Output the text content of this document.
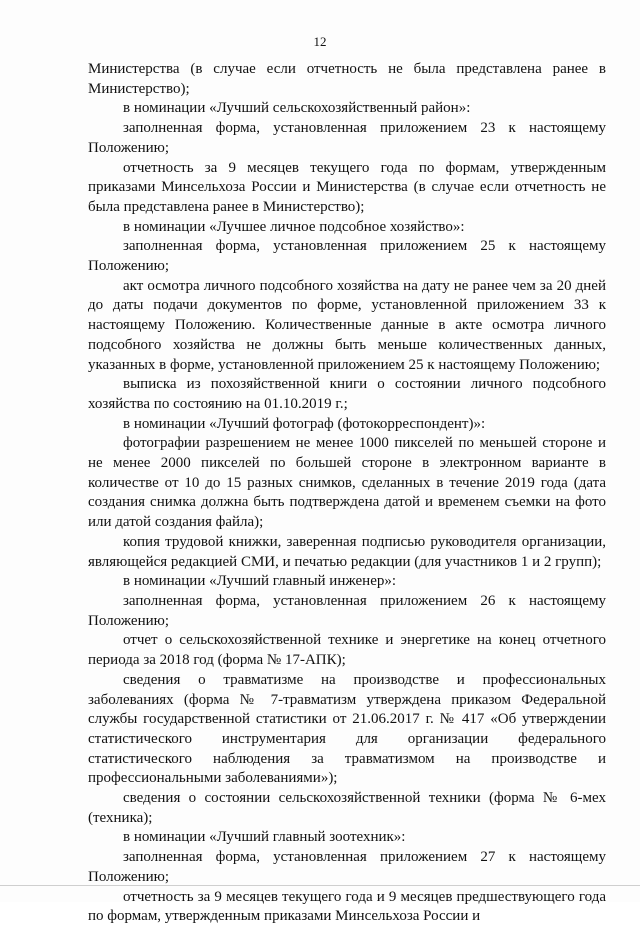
12

Министерства (в случае если отчетность не была представлена ранее в Министерство);

в номинации «Лучший сельскохозяйственный район»:

заполненная форма, установленная приложением 23 к настоящему Положению;

отчетность за 9 месяцев текущего года по формам, утвержденным приказами Минсельхоза России и Министерства (в случае если отчетность не была представлена ранее в Министерство);

в номинации «Лучшее личное подсобное хозяйство»:

заполненная форма, установленная приложением 25 к настоящему Положению;

акт осмотра личного подсобного хозяйства на дату не ранее чем за 20 дней до даты подачи документов по форме, установленной приложением 33 к настоящему Положению. Количественные данные в акте осмотра личного подсобного хозяйства не должны быть меньше количественных данных, указанных в форме, установленной приложением 25 к настоящему Положению;

выписка из похозяйственной книги о состоянии личного подсобного хозяйства по состоянию на 01.10.2019 г.;

в номинации «Лучший фотограф (фотокорреспондент)»:

фотографии разрешением не менее 1000 пикселей по меньшей стороне и не менее 2000 пикселей по большей стороне в электронном варианте в количестве от 10 до 15 разных снимков, сделанных в течение 2019 года (дата создания снимка должна быть подтверждена датой и временем съемки на фото или датой создания файла);

копия трудовой книжки, заверенная подписью руководителя организации, являющейся редакцией СМИ, и печатью редакции (для участников 1 и 2 групп);

в номинации «Лучший главный инженер»:

заполненная форма, установленная приложением 26 к настоящему Положению;

отчет о сельскохозяйственной технике и энергетике на конец отчетного периода за 2018 год (форма № 17-АПК);

сведения о травматизме на производстве и профессиональных заболеваниях (форма № 7-травматизм утверждена приказом Федеральной службы государственной статистики от 21.06.2017 г. № 417 «Об утверждении статистического инструментария для организации федерального статистического наблюдения за травматизмом на производстве и профессиональными заболеваниями»);

сведения о состоянии сельскохозяйственной техники (форма № 6-мех (техника);

в номинации «Лучший главный зоотехник»:

заполненная форма, установленная приложением 27 к настоящему Положению;

отчетность за 9 месяцев текущего года и 9 месяцев предшествующего года по формам, утвержденным приказами Минсельхоза России и
